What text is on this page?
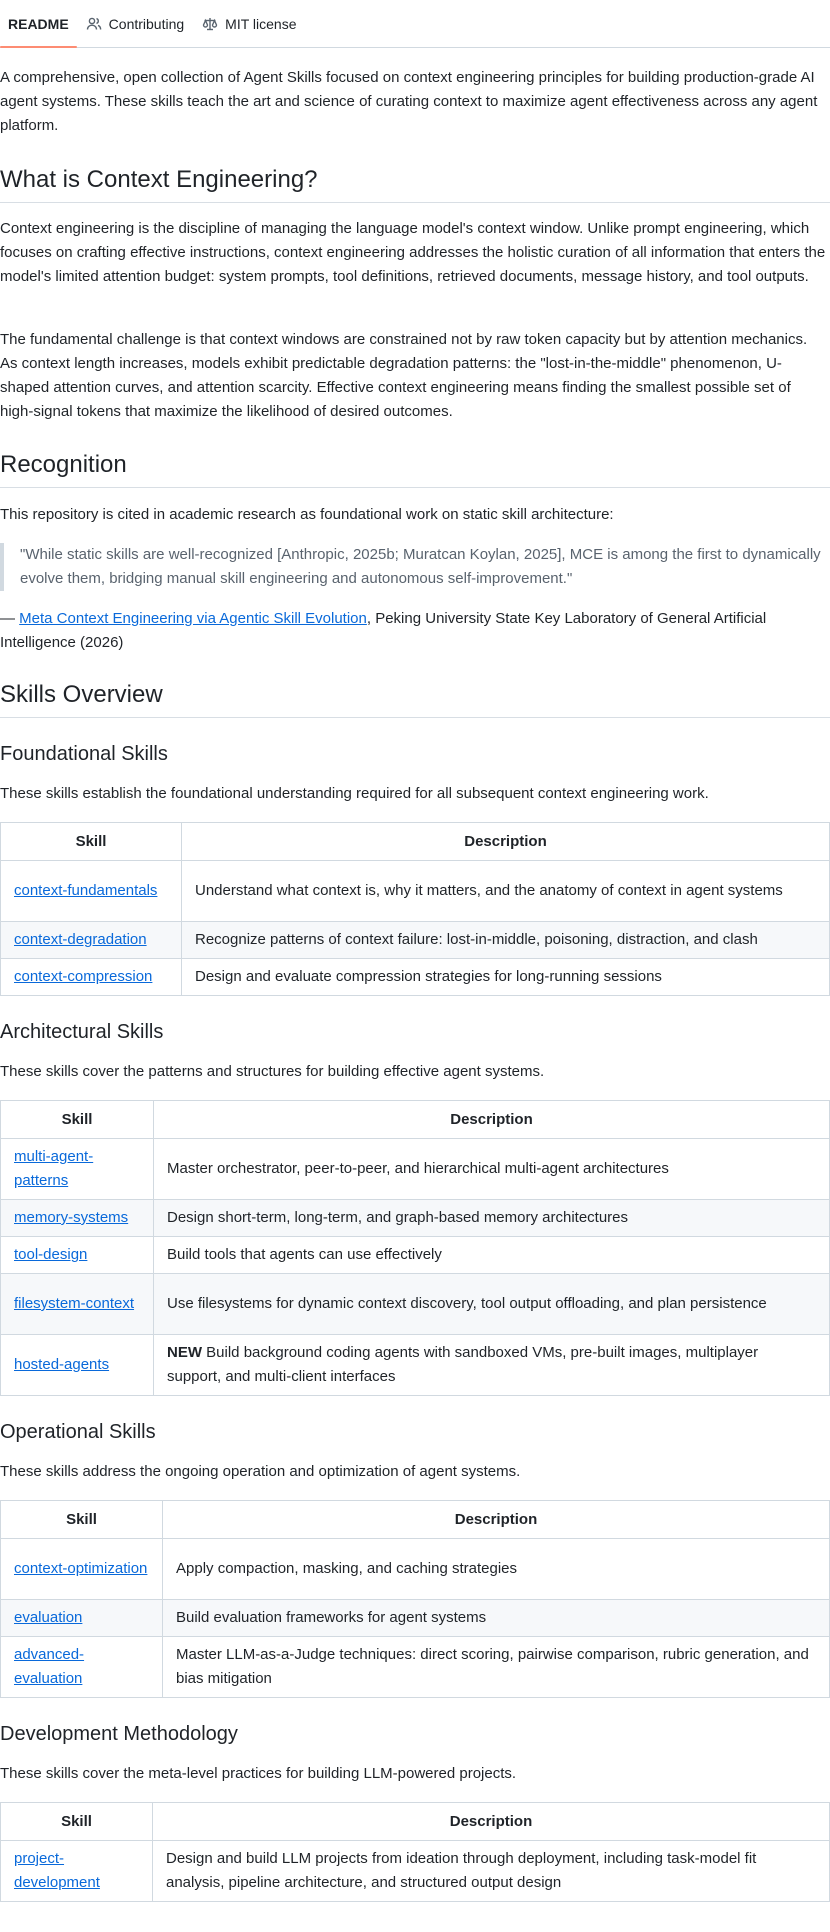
README	Contributing	MIT license

A comprehensive, open collection of Agent Skills focused on context engineering principles for building production-grade AI agent systems. These skills teach the art and science of curating context to maximize agent effectiveness across any agent platform.

What is Context Engineering?

Context engineering is the discipline of managing the language model's context window. Unlike prompt engineering, which focuses on crafting effective instructions, context engineering addresses the holistic curation of all information that enters the model's limited attention budget: system prompts, tool definitions, retrieved documents, message history, and tool outputs.

The fundamental challenge is that context windows are constrained not by raw token capacity but by attention mechanics. As context length increases, models exhibit predictable degradation patterns: the "lost-in-the-middle" phenomenon, U-shaped attention curves, and attention scarcity. Effective context engineering means finding the smallest possible set of high-signal tokens that maximize the likelihood of desired outcomes.

Recognition

This repository is cited in academic research as foundational work on static skill architecture:

"While static skills are well-recognized [Anthropic, 2025b; Muratcan Koylan, 2025], MCE is among the first to dynamically evolve them, bridging manual skill engineering and autonomous self-improvement."

— Meta Context Engineering via Agentic Skill Evolution, Peking University State Key Laboratory of General Artificial Intelligence (2026)

Skills Overview
Foundational Skills

These skills establish the foundational understanding required for all subsequent context engineering work.

Skill	Description
context-fundamentals	Understand what context is, why it matters, and the anatomy of context in agent systems
context-degradation	Recognize patterns of context failure: lost-in-middle, poisoning, distraction, and clash
context-compression	Design and evaluate compression strategies for long-running sessions
Architectural Skills

These skills cover the patterns and structures for building effective agent systems.

Skill	Description
multi-agent-patterns	Master orchestrator, peer-to-peer, and hierarchical multi-agent architectures
memory-systems	Design short-term, long-term, and graph-based memory architectures
tool-design	Build tools that agents can use effectively
filesystem-context	Use filesystems for dynamic context discovery, tool output offloading, and plan persistence
hosted-agents	NEW Build background coding agents with sandboxed VMs, pre-built images, multiplayer support, and multi-client interfaces
Operational Skills

These skills address the ongoing operation and optimization of agent systems.

Skill	Description
context-optimization	Apply compaction, masking, and caching strategies
evaluation	Build evaluation frameworks for agent systems
advanced-evaluation	Master LLM-as-a-Judge techniques: direct scoring, pairwise comparison, rubric generation, and bias mitigation
Development Methodology

These skills cover the meta-level practices for building LLM-powered projects.

Skill	Description
project-development	Design and build LLM projects from ideation through deployment, including task-model fit analysis, pipeline architecture, and structured output design
